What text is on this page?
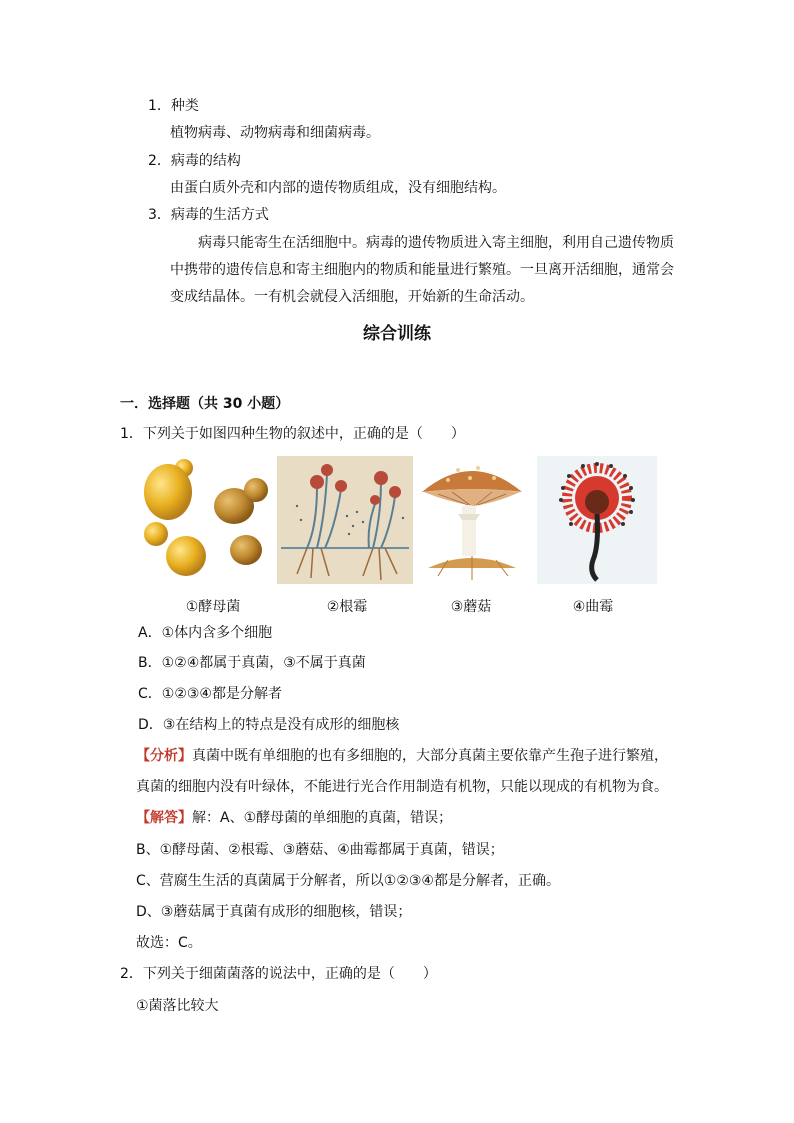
1．种类
植物病毒、动物病毒和细菌病毒。
2．病毒的结构
由蛋白质外壳和内部的遗传物质组成，没有细胞结构。
3．病毒的生活方式
病毒只能寄生在活细胞中。病毒的遗传物质进入寄主细胞，利用自己遗传物质
中携带的遗传信息和寄主细胞内的物质和能量进行繁殖。一旦离开活细胞，通常会
变成结晶体。一有机会就侵入活细胞，开始新的生命活动。
综合训练
一．选择题（共 30 小题）
1．下列关于如图四种生物的叙述中，正确的是（　　）
①酵母菌	②根霉	③蘑菇	④曲霉
A．①体内含多个细胞
B．①②④都属于真菌，③不属于真菌
C．①②③④都是分解者
D．③在结构上的特点是没有成形的细胞核
【分析】真菌中既有单细胞的也有多细胞的，大部分真菌主要依靠产生孢子进行繁殖，
真菌的细胞内没有叶绿体，不能进行光合作用制造有机物，只能以现成的有机物为食。
【解答】解：A、①酵母菌的单细胞的真菌，错误；
B、①酵母菌、②根霉、③蘑菇、④曲霉都属于真菌，错误；
C、营腐生生活的真菌属于分解者，所以①②③④都是分解者，正确。
D、③蘑菇属于真菌有成形的细胞核，错误；
故选：C。
2．下列关于细菌菌落的说法中，正确的是（　　）
①菌落比较大
